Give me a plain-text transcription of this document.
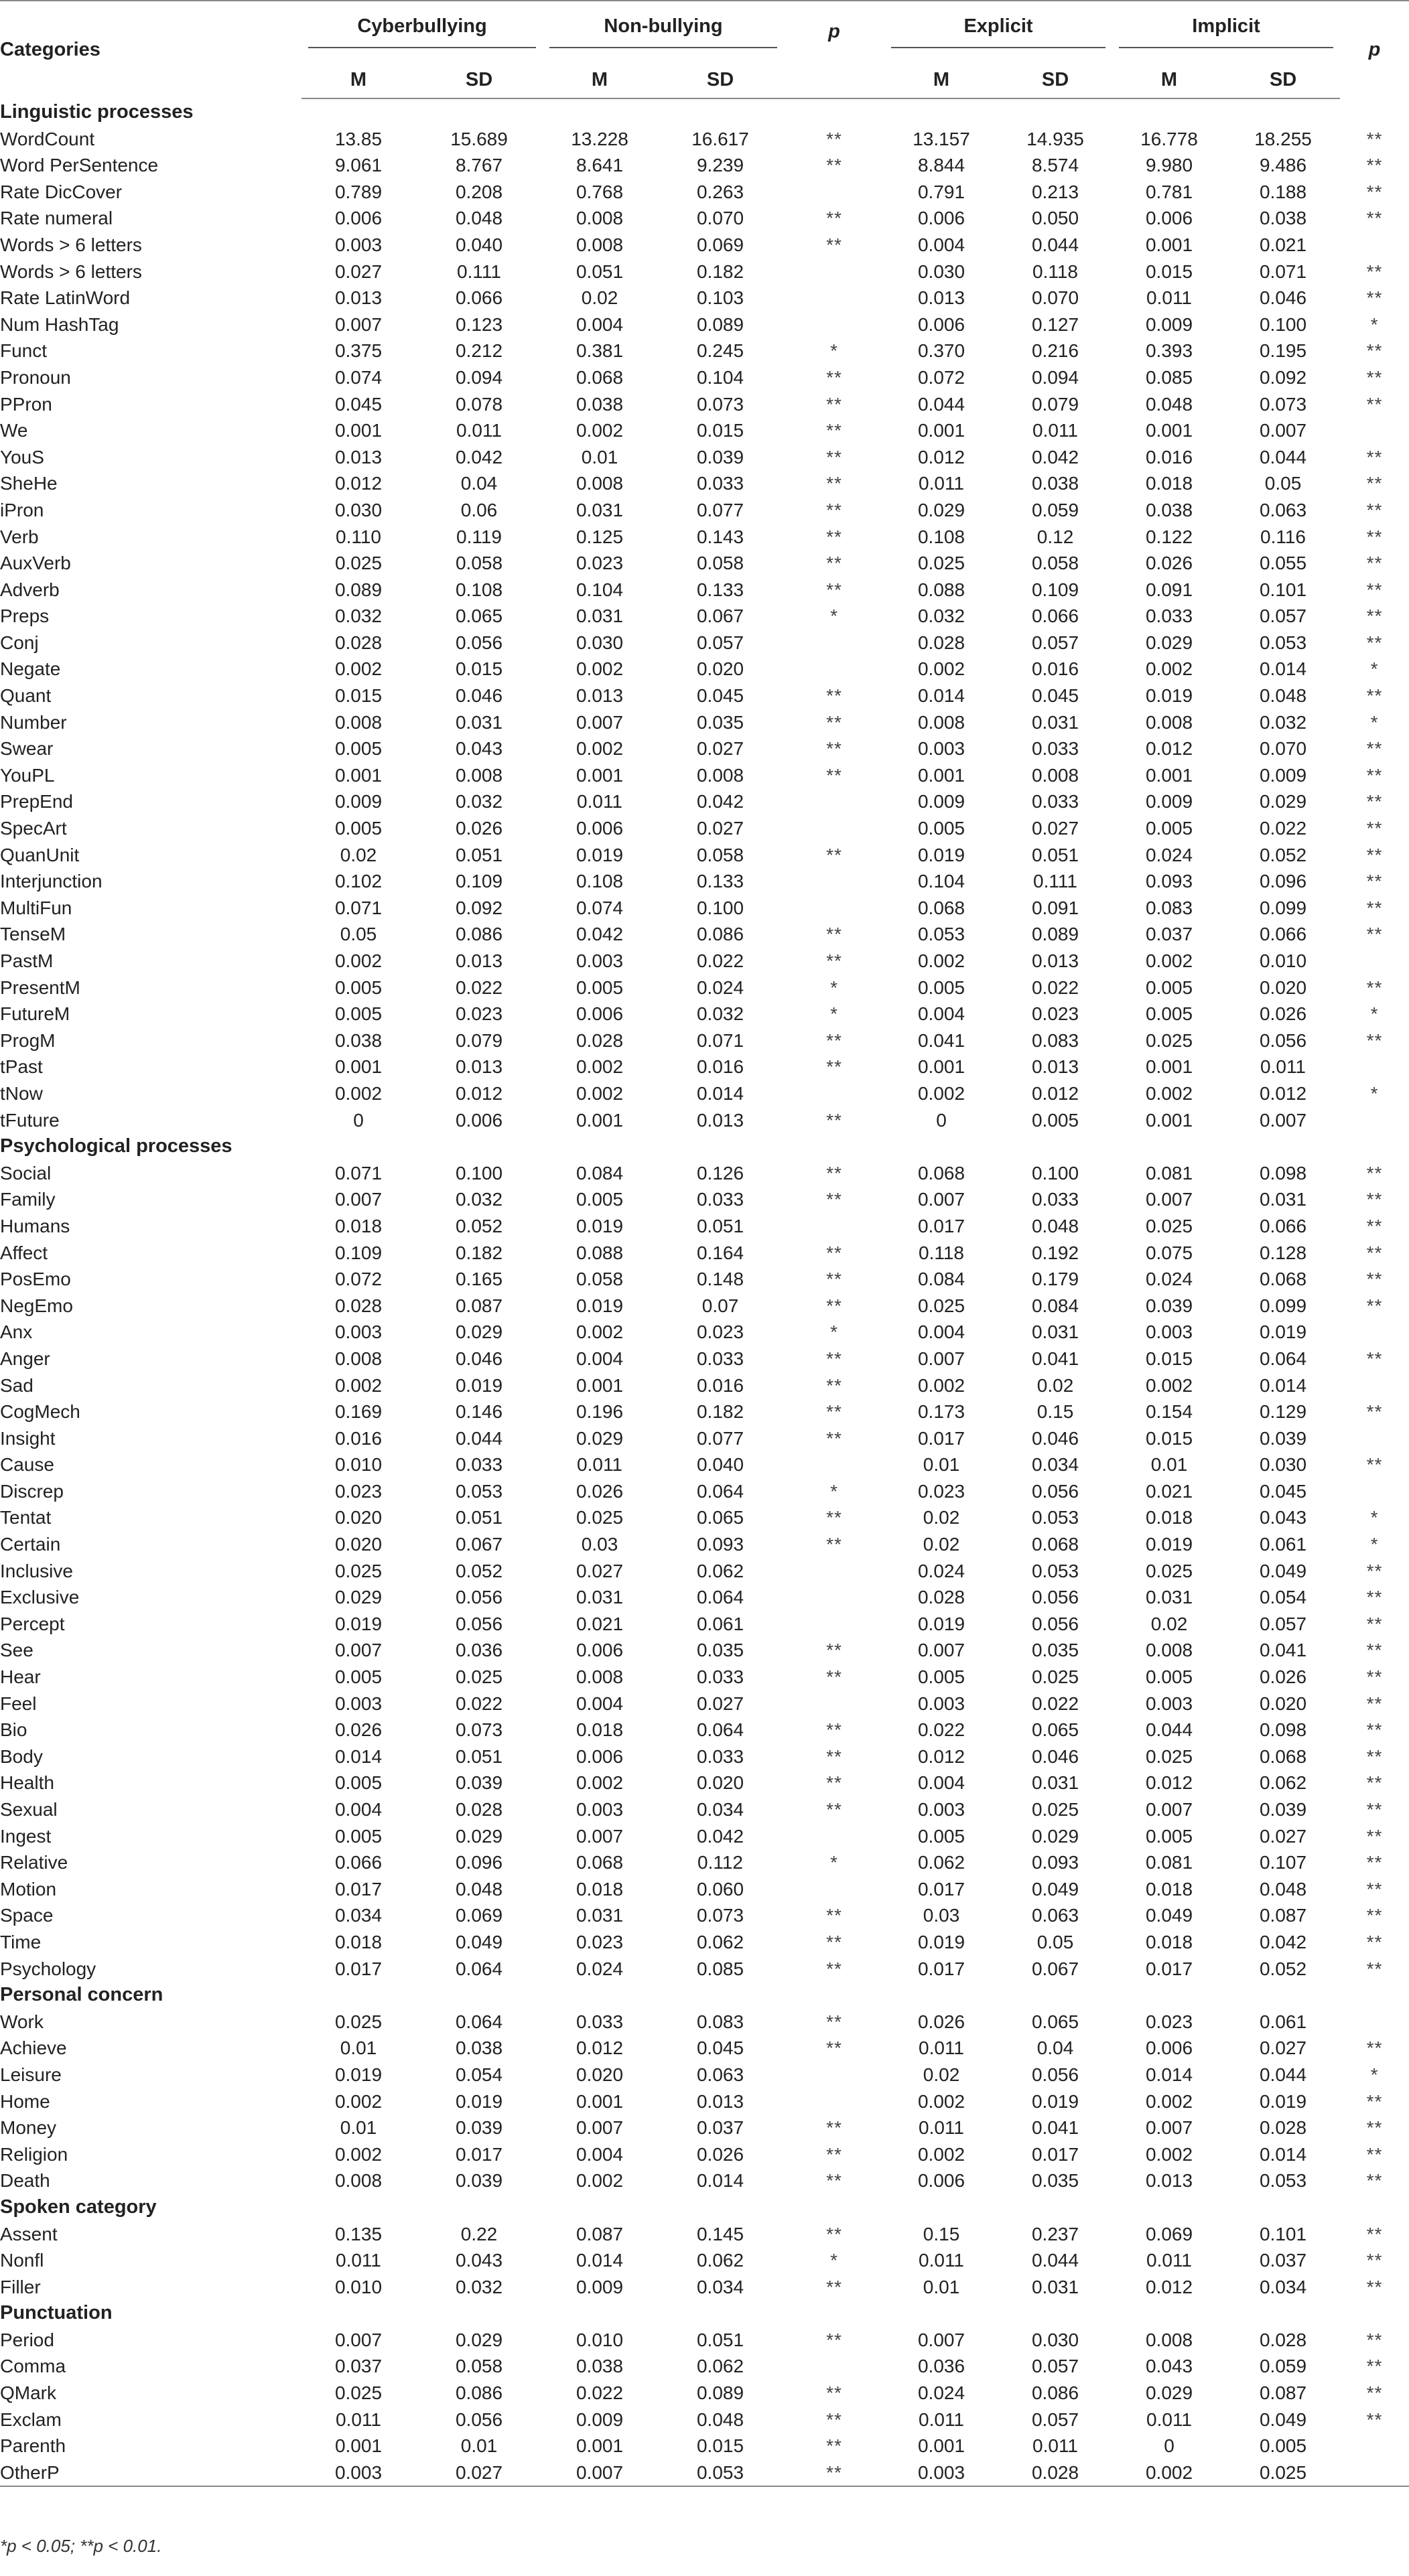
Categories	Cyberbullying		Non-bullying		p	Explicit		Implicit		p
	M	SD	M	SD		M	SD	M	SD	
Linguistic processes										
WordCount	13.85	15.689	13.228	16.617	**	13.157	14.935	16.778	18.255	**
Word PerSentence	9.061	8.767	8.641	9.239	**	8.844	8.574	9.980	9.486	**
Rate DicCover	0.789	0.208	0.768	0.263		0.791	0.213	0.781	0.188	**
Rate numeral	0.006	0.048	0.008	0.070	**	0.006	0.050	0.006	0.038	**
Words > 6 letters	0.003	0.040	0.008	0.069	**	0.004	0.044	0.001	0.021	
Words > 6 letters	0.027	0.111	0.051	0.182		0.030	0.118	0.015	0.071	**
Rate LatinWord	0.013	0.066	0.02	0.103		0.013	0.070	0.011	0.046	**
Num HashTag	0.007	0.123	0.004	0.089		0.006	0.127	0.009	0.100	*
Funct	0.375	0.212	0.381	0.245	*	0.370	0.216	0.393	0.195	**
Pronoun	0.074	0.094	0.068	0.104	**	0.072	0.094	0.085	0.092	**
PPron	0.045	0.078	0.038	0.073	**	0.044	0.079	0.048	0.073	**
We	0.001	0.011	0.002	0.015	**	0.001	0.011	0.001	0.007	
YouS	0.013	0.042	0.01	0.039	**	0.012	0.042	0.016	0.044	**
SheHe	0.012	0.04	0.008	0.033	**	0.011	0.038	0.018	0.05	**
iPron	0.030	0.06	0.031	0.077	**	0.029	0.059	0.038	0.063	**
Verb	0.110	0.119	0.125	0.143	**	0.108	0.12	0.122	0.116	**
AuxVerb	0.025	0.058	0.023	0.058	**	0.025	0.058	0.026	0.055	**
Adverb	0.089	0.108	0.104	0.133	**	0.088	0.109	0.091	0.101	**
Preps	0.032	0.065	0.031	0.067	*	0.032	0.066	0.033	0.057	**
Conj	0.028	0.056	0.030	0.057		0.028	0.057	0.029	0.053	**
Negate	0.002	0.015	0.002	0.020		0.002	0.016	0.002	0.014	*
Quant	0.015	0.046	0.013	0.045	**	0.014	0.045	0.019	0.048	**
Number	0.008	0.031	0.007	0.035	**	0.008	0.031	0.008	0.032	*
Swear	0.005	0.043	0.002	0.027	**	0.003	0.033	0.012	0.070	**
YouPL	0.001	0.008	0.001	0.008	**	0.001	0.008	0.001	0.009	**
PrepEnd	0.009	0.032	0.011	0.042		0.009	0.033	0.009	0.029	**
SpecArt	0.005	0.026	0.006	0.027		0.005	0.027	0.005	0.022	**
QuanUnit	0.02	0.051	0.019	0.058	**	0.019	0.051	0.024	0.052	**
Interjunction	0.102	0.109	0.108	0.133		0.104	0.111	0.093	0.096	**
MultiFun	0.071	0.092	0.074	0.100		0.068	0.091	0.083	0.099	**
TenseM	0.05	0.086	0.042	0.086	**	0.053	0.089	0.037	0.066	**
PastM	0.002	0.013	0.003	0.022	**	0.002	0.013	0.002	0.010	
PresentM	0.005	0.022	0.005	0.024	*	0.005	0.022	0.005	0.020	**
FutureM	0.005	0.023	0.006	0.032	*	0.004	0.023	0.005	0.026	*
ProgM	0.038	0.079	0.028	0.071	**	0.041	0.083	0.025	0.056	**
tPast	0.001	0.013	0.002	0.016	**	0.001	0.013	0.001	0.011	
tNow	0.002	0.012	0.002	0.014		0.002	0.012	0.002	0.012	*
tFuture	0	0.006	0.001	0.013	**	0	0.005	0.001	0.007	
Psychological processes										
Social	0.071	0.100	0.084	0.126	**	0.068	0.100	0.081	0.098	**
Family	0.007	0.032	0.005	0.033	**	0.007	0.033	0.007	0.031	**
Humans	0.018	0.052	0.019	0.051		0.017	0.048	0.025	0.066	**
Affect	0.109	0.182	0.088	0.164	**	0.118	0.192	0.075	0.128	**
PosEmo	0.072	0.165	0.058	0.148	**	0.084	0.179	0.024	0.068	**
NegEmo	0.028	0.087	0.019	0.07	**	0.025	0.084	0.039	0.099	**
Anx	0.003	0.029	0.002	0.023	*	0.004	0.031	0.003	0.019	
Anger	0.008	0.046	0.004	0.033	**	0.007	0.041	0.015	0.064	**
Sad	0.002	0.019	0.001	0.016	**	0.002	0.02	0.002	0.014	
CogMech	0.169	0.146	0.196	0.182	**	0.173	0.15	0.154	0.129	**
Insight	0.016	0.044	0.029	0.077	**	0.017	0.046	0.015	0.039	
Cause	0.010	0.033	0.011	0.040		0.01	0.034	0.01	0.030	**
Discrep	0.023	0.053	0.026	0.064	*	0.023	0.056	0.021	0.045	
Tentat	0.020	0.051	0.025	0.065	**	0.02	0.053	0.018	0.043	*
Certain	0.020	0.067	0.03	0.093	**	0.02	0.068	0.019	0.061	*
Inclusive	0.025	0.052	0.027	0.062		0.024	0.053	0.025	0.049	**
Exclusive	0.029	0.056	0.031	0.064		0.028	0.056	0.031	0.054	**
Percept	0.019	0.056	0.021	0.061		0.019	0.056	0.02	0.057	**
See	0.007	0.036	0.006	0.035	**	0.007	0.035	0.008	0.041	**
Hear	0.005	0.025	0.008	0.033	**	0.005	0.025	0.005	0.026	**
Feel	0.003	0.022	0.004	0.027		0.003	0.022	0.003	0.020	**
Bio	0.026	0.073	0.018	0.064	**	0.022	0.065	0.044	0.098	**
Body	0.014	0.051	0.006	0.033	**	0.012	0.046	0.025	0.068	**
Health	0.005	0.039	0.002	0.020	**	0.004	0.031	0.012	0.062	**
Sexual	0.004	0.028	0.003	0.034	**	0.003	0.025	0.007	0.039	**
Ingest	0.005	0.029	0.007	0.042		0.005	0.029	0.005	0.027	**
Relative	0.066	0.096	0.068	0.112	*	0.062	0.093	0.081	0.107	**
Motion	0.017	0.048	0.018	0.060		0.017	0.049	0.018	0.048	**
Space	0.034	0.069	0.031	0.073	**	0.03	0.063	0.049	0.087	**
Time	0.018	0.049	0.023	0.062	**	0.019	0.05	0.018	0.042	**
Psychology	0.017	0.064	0.024	0.085	**	0.017	0.067	0.017	0.052	**
Personal concern										
Work	0.025	0.064	0.033	0.083	**	0.026	0.065	0.023	0.061	
Achieve	0.01	0.038	0.012	0.045	**	0.011	0.04	0.006	0.027	**
Leisure	0.019	0.054	0.020	0.063		0.02	0.056	0.014	0.044	*
Home	0.002	0.019	0.001	0.013		0.002	0.019	0.002	0.019	**
Money	0.01	0.039	0.007	0.037	**	0.011	0.041	0.007	0.028	**
Religion	0.002	0.017	0.004	0.026	**	0.002	0.017	0.002	0.014	**
Death	0.008	0.039	0.002	0.014	**	0.006	0.035	0.013	0.053	**
Spoken category										
Assent	0.135	0.22	0.087	0.145	**	0.15	0.237	0.069	0.101	**
Nonfl	0.011	0.043	0.014	0.062	*	0.011	0.044	0.011	0.037	**
Filler	0.010	0.032	0.009	0.034	**	0.01	0.031	0.012	0.034	**
Punctuation										
Period	0.007	0.029	0.010	0.051	**	0.007	0.030	0.008	0.028	**
Comma	0.037	0.058	0.038	0.062		0.036	0.057	0.043	0.059	**
QMark	0.025	0.086	0.022	0.089	**	0.024	0.086	0.029	0.087	**
Exclam	0.011	0.056	0.009	0.048	**	0.011	0.057	0.011	0.049	**
Parenth	0.001	0.01	0.001	0.015	**	0.001	0.011	0	0.005	
OtherP	0.003	0.027	0.007	0.053	**	0.003	0.028	0.002	0.025	
*p < 0.05; **p < 0.01.
